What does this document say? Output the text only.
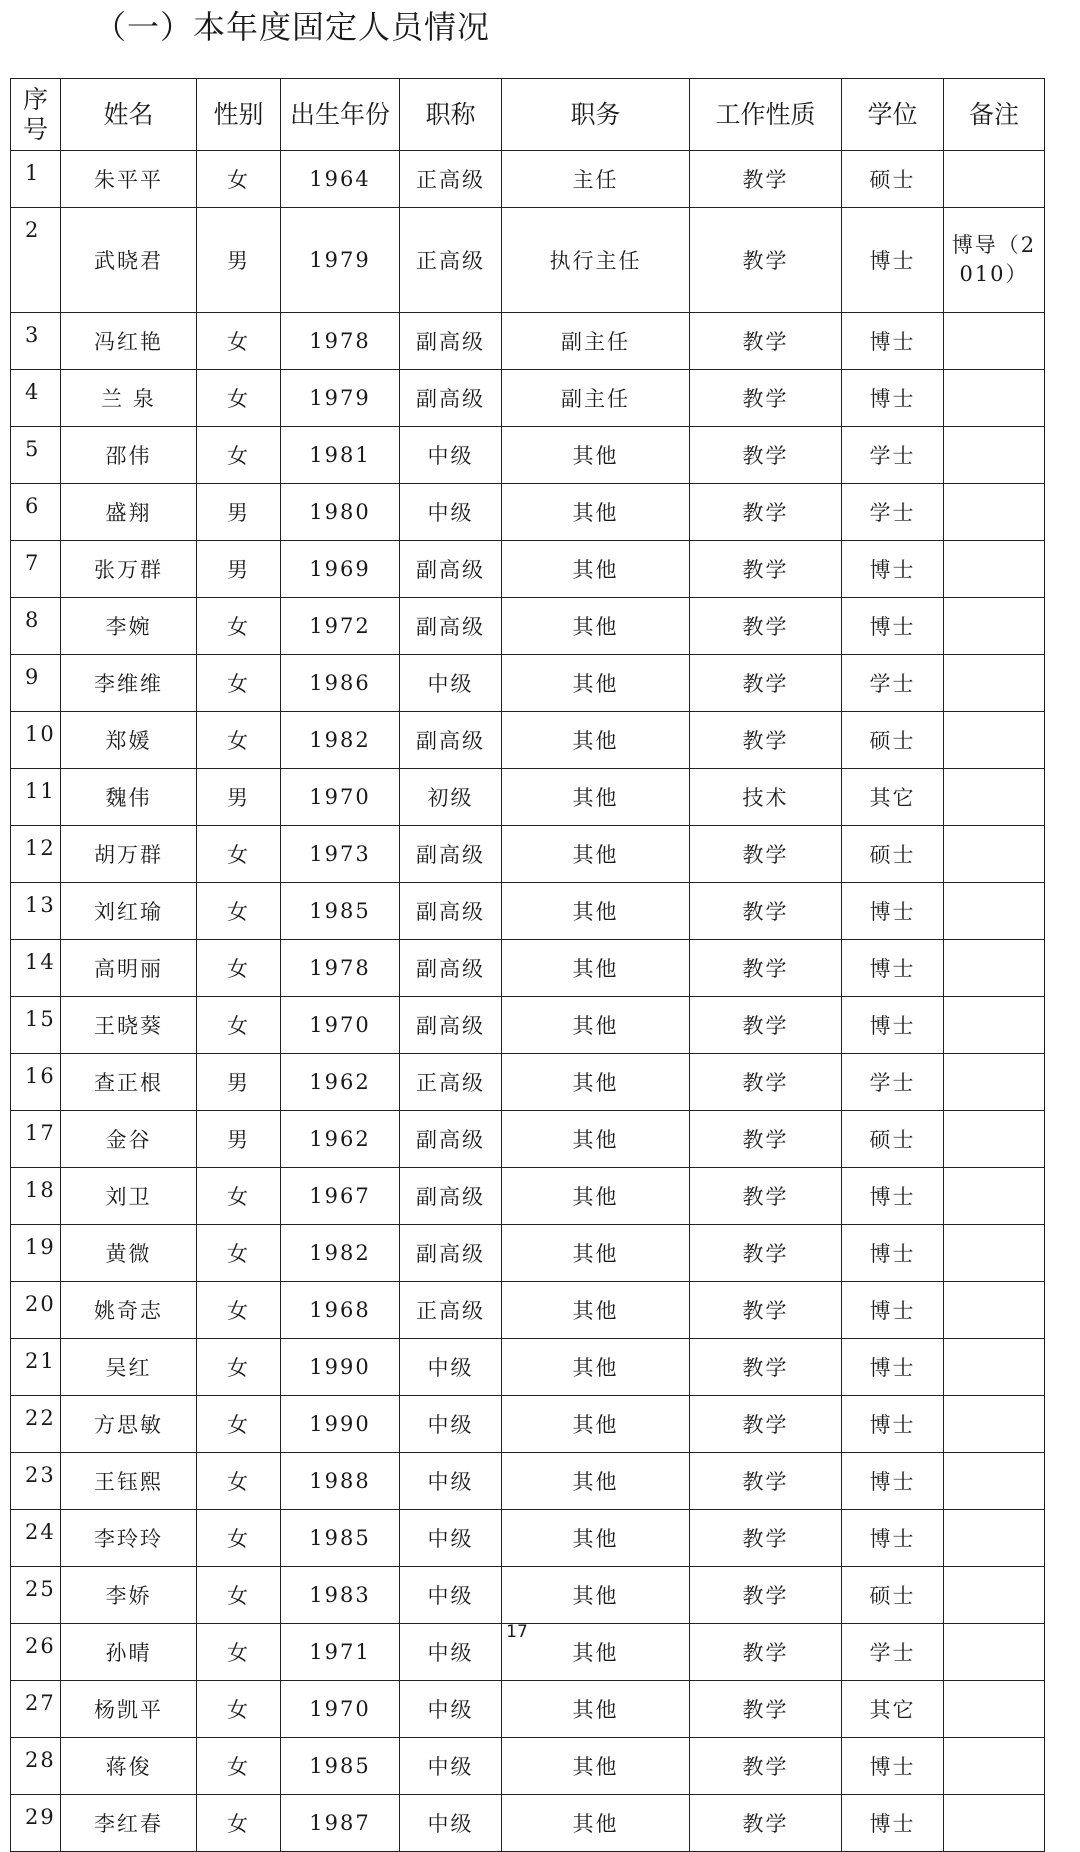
（一）本年度固定人员情况
序号	姓名	性别	出生年份	职称	职务	工作性质	学位	备注
1	朱平平	女	1964	正高级	主任	教学	硕士	
2	武晓君	男	1979	正高级	执行主任	教学	博士	博导（2010）
3	冯红艳	女	1978	副高级	副主任	教学	博士	
4	兰 泉	女	1979	副高级	副主任	教学	博士	
5	邵伟	女	1981	中级	其他	教学	学士	
6	盛翔	男	1980	中级	其他	教学	学士	
7	张万群	男	1969	副高级	其他	教学	博士	
8	李婉	女	1972	副高级	其他	教学	博士	
9	李维维	女	1986	中级	其他	教学	学士	
10	郑媛	女	1982	副高级	其他	教学	硕士	
11	魏伟	男	1970	初级	其他	技术	其它	
12	胡万群	女	1973	副高级	其他	教学	硕士	
13	刘红瑜	女	1985	副高级	其他	教学	博士	
14	高明丽	女	1978	副高级	其他	教学	博士	
15	王晓葵	女	1970	副高级	其他	教学	博士	
16	查正根	男	1962	正高级	其他	教学	学士	
17	金谷	男	1962	副高级	其他	教学	硕士	
18	刘卫	女	1967	副高级	其他	教学	博士	
19	黄微	女	1982	副高级	其他	教学	博士	
20	姚奇志	女	1968	正高级	其他	教学	博士	
21	吴红	女	1990	中级	其他	教学	博士	
22	方思敏	女	1990	中级	其他	教学	博士	
23	王钰熙	女	1988	中级	其他	教学	博士	
24	李玲玲	女	1985	中级	其他	教学	博士	
25	李娇	女	1983	中级	其他	教学	硕士	
26	孙晴	女	1971	中级	其他	教学	学士	
27	杨凯平	女	1970	中级	其他	教学	其它	
28	蒋俊	女	1985	中级	其他	教学	博士	
29	李红春	女	1987	中级	其他	教学	博士	
17
